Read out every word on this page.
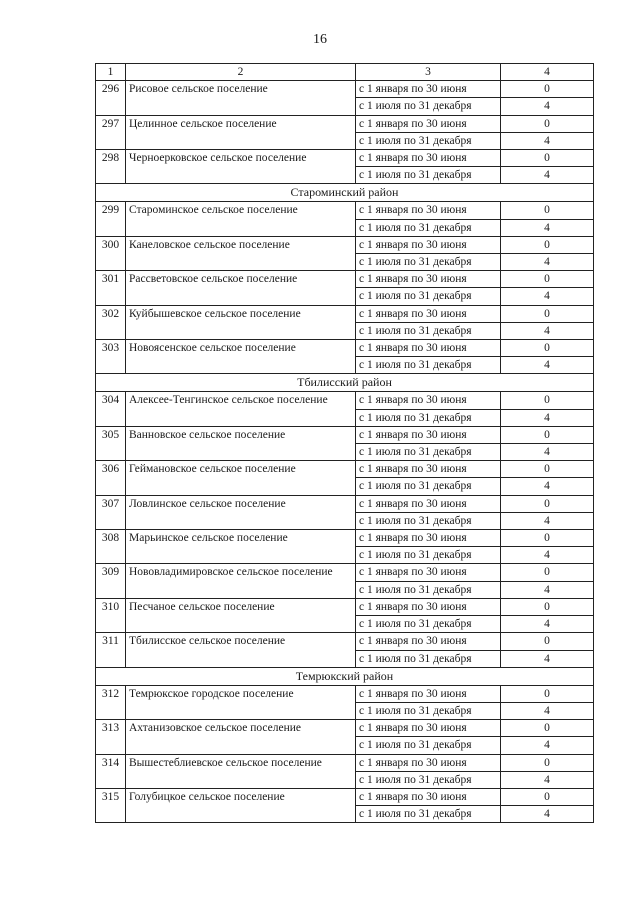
16
1	2	3	4
296	Рисовое сельское поселение	с 1 января по 30 июня	0
		с 1 июля по 31 декабря	4
297	Целинное сельское поселение	с 1 января по 30 июня	0
		с 1 июля по 31 декабря	4
298	Черноерковское сельское поселение	с 1 января по 30 июня	0
		с 1 июля по 31 декабря	4
Староминский район			
299	Староминское сельское поселение	с 1 января по 30 июня	0
		с 1 июля по 31 декабря	4
300	Канеловское сельское поселение	с 1 января по 30 июня	0
		с 1 июля по 31 декабря	4
301	Рассветовское сельское поселение	с 1 января по 30 июня	0
		с 1 июля по 31 декабря	4
302	Куйбышевское сельское поселение	с 1 января по 30 июня	0
		с 1 июля по 31 декабря	4
303	Новоясенское сельское поселение	с 1 января по 30 июня	0
		с 1 июля по 31 декабря	4
Тбилисский район			
304	Алексее-Тенгинское сельское поселение	с 1 января по 30 июня	0
		с 1 июля по 31 декабря	4
305	Ванновское сельское поселение	с 1 января по 30 июня	0
		с 1 июля по 31 декабря	4
306	Геймановское сельское поселение	с 1 января по 30 июня	0
		с 1 июля по 31 декабря	4
307	Ловлинское сельское поселение	с 1 января по 30 июня	0
		с 1 июля по 31 декабря	4
308	Марьинское сельское поселение	с 1 января по 30 июня	0
		с 1 июля по 31 декабря	4
309	Нововладимировское сельское поселение	с 1 января по 30 июня	0
		с 1 июля по 31 декабря	4
310	Песчаное сельское поселение	с 1 января по 30 июня	0
		с 1 июля по 31 декабря	4
311	Тбилисское сельское поселение	с 1 января по 30 июня	0
		с 1 июля по 31 декабря	4
Темрюкский район			
312	Темрюкское городское поселение	с 1 января по 30 июня	0
		с 1 июля по 31 декабря	4
313	Ахтанизовское сельское поселение	с 1 января по 30 июня	0
		с 1 июля по 31 декабря	4
314	Вышестеблиевское сельское поселение	с 1 января по 30 июня	0
		с 1 июля по 31 декабря	4
315	Голубицкое сельское поселение	с 1 января по 30 июня	0
		с 1 июля по 31 декабря	4
